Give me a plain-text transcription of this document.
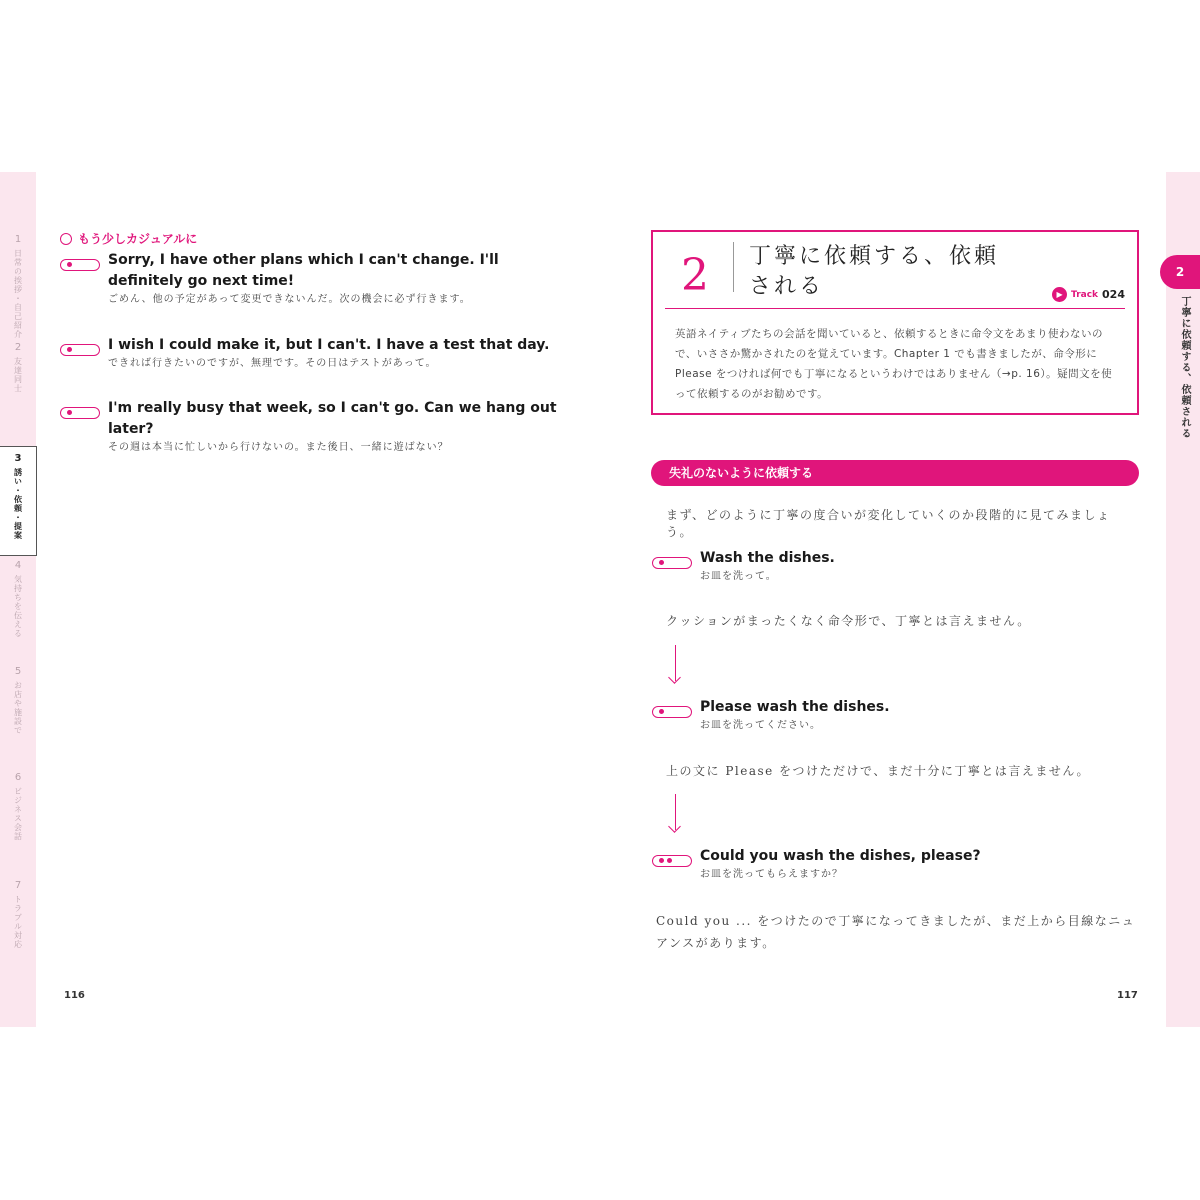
1
日常の挨拶・自己紹介
2
友達同士
3
誘い・依頼・提案
4
気持ちを伝える
5
お店や施設で
6
ビジネス会話
7
トラブル対応
2
丁寧に依頼する、依頼される
もう少しカジュアルに
Sorry, I have other plans which I can't change. I'll definitely go next time!
ごめん、他の予定があって変更できないんだ。次の機会に必ず行きます。
I wish I could make it, but I can't. I have a test that day.
できれば行きたいのですが、無理です。その日はテストがあって。
I'm really busy that week, so I can't go. Can we hang out later?
その週は本当に忙しいから行けないの。また後日、一緒に遊ばない？
116
2 丁寧に依頼する、依頼される	▶ Track 024
英語ネイティブたちの会話を聞いていると、依頼するときに命令文をあまり使わないので、いささか驚かされたのを覚えています。Chapter 1 でも書きましたが、命令形に Please をつければ何でも丁寧になるというわけではありません（→p. 16）。疑問文を使って依頼するのがお勧めです。
失礼のないように依頼する
まず、どのように丁寧の度合いが変化していくのか段階的に見てみましょう。
Wash the dishes.
お皿を洗って。
クッションがまったくなく命令形で、丁寧とは言えません。
Please wash the dishes.
お皿を洗ってください。
上の文に Please をつけただけで、まだ十分に丁寧とは言えません。
Could you wash the dishes, please?
お皿を洗ってもらえますか？
Could you ... をつけたので丁寧になってきましたが、まだ上から目線なニュアンスがあります。
117
